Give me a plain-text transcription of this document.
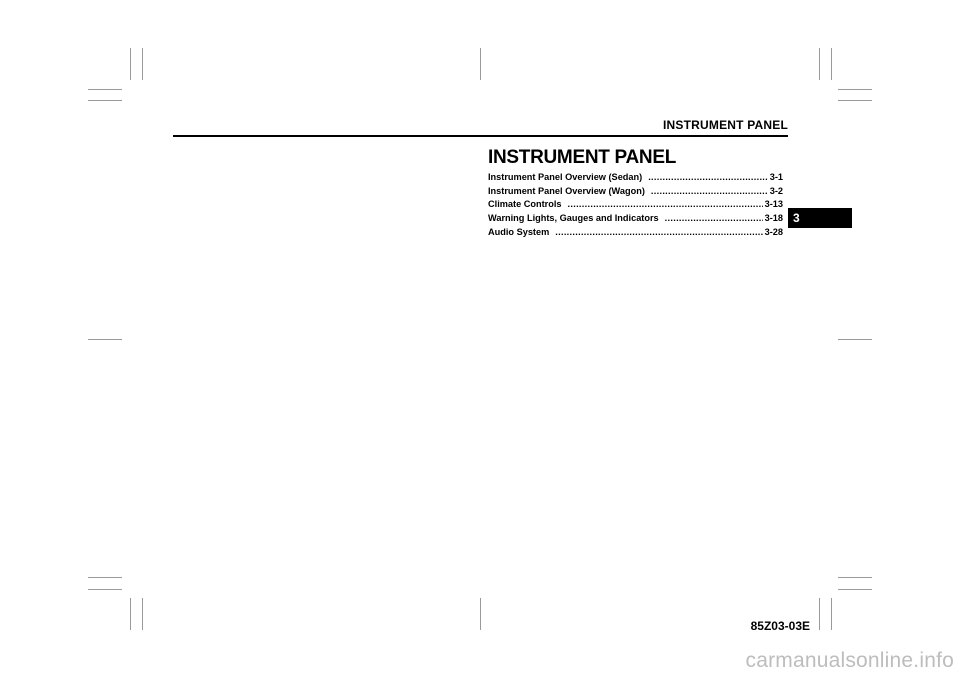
INSTRUMENT PANEL
3
INSTRUMENT PANEL
Instrument Panel Overview (Sedan) .....	3-1
Instrument Panel Overview (Wagon) .....	3-2
Climate Controls .....	3-13
Warning Lights, Gauges and Indicators .....	3-18
Audio System .....	3-28
85Z03-03E
carmanualsonline.info
